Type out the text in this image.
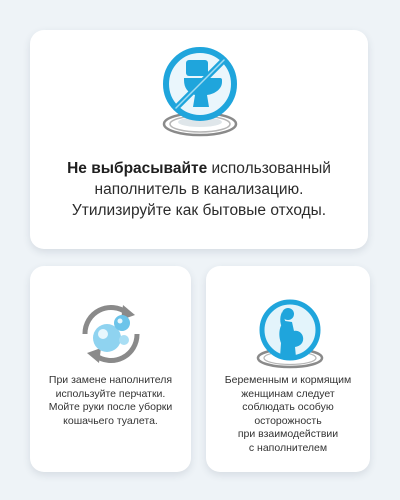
Не выбрасывайте использованный
наполнитель в канализацию.
Утилизируйте как бытовые отходы.
При замене наполнителя
используйте перчатки.
Мойте руки после уборки
кошачьего туалета.
Беременным и кормящим
женщинам следует
соблюдать особую
осторожность
при взаимодействии
с наполнителем
